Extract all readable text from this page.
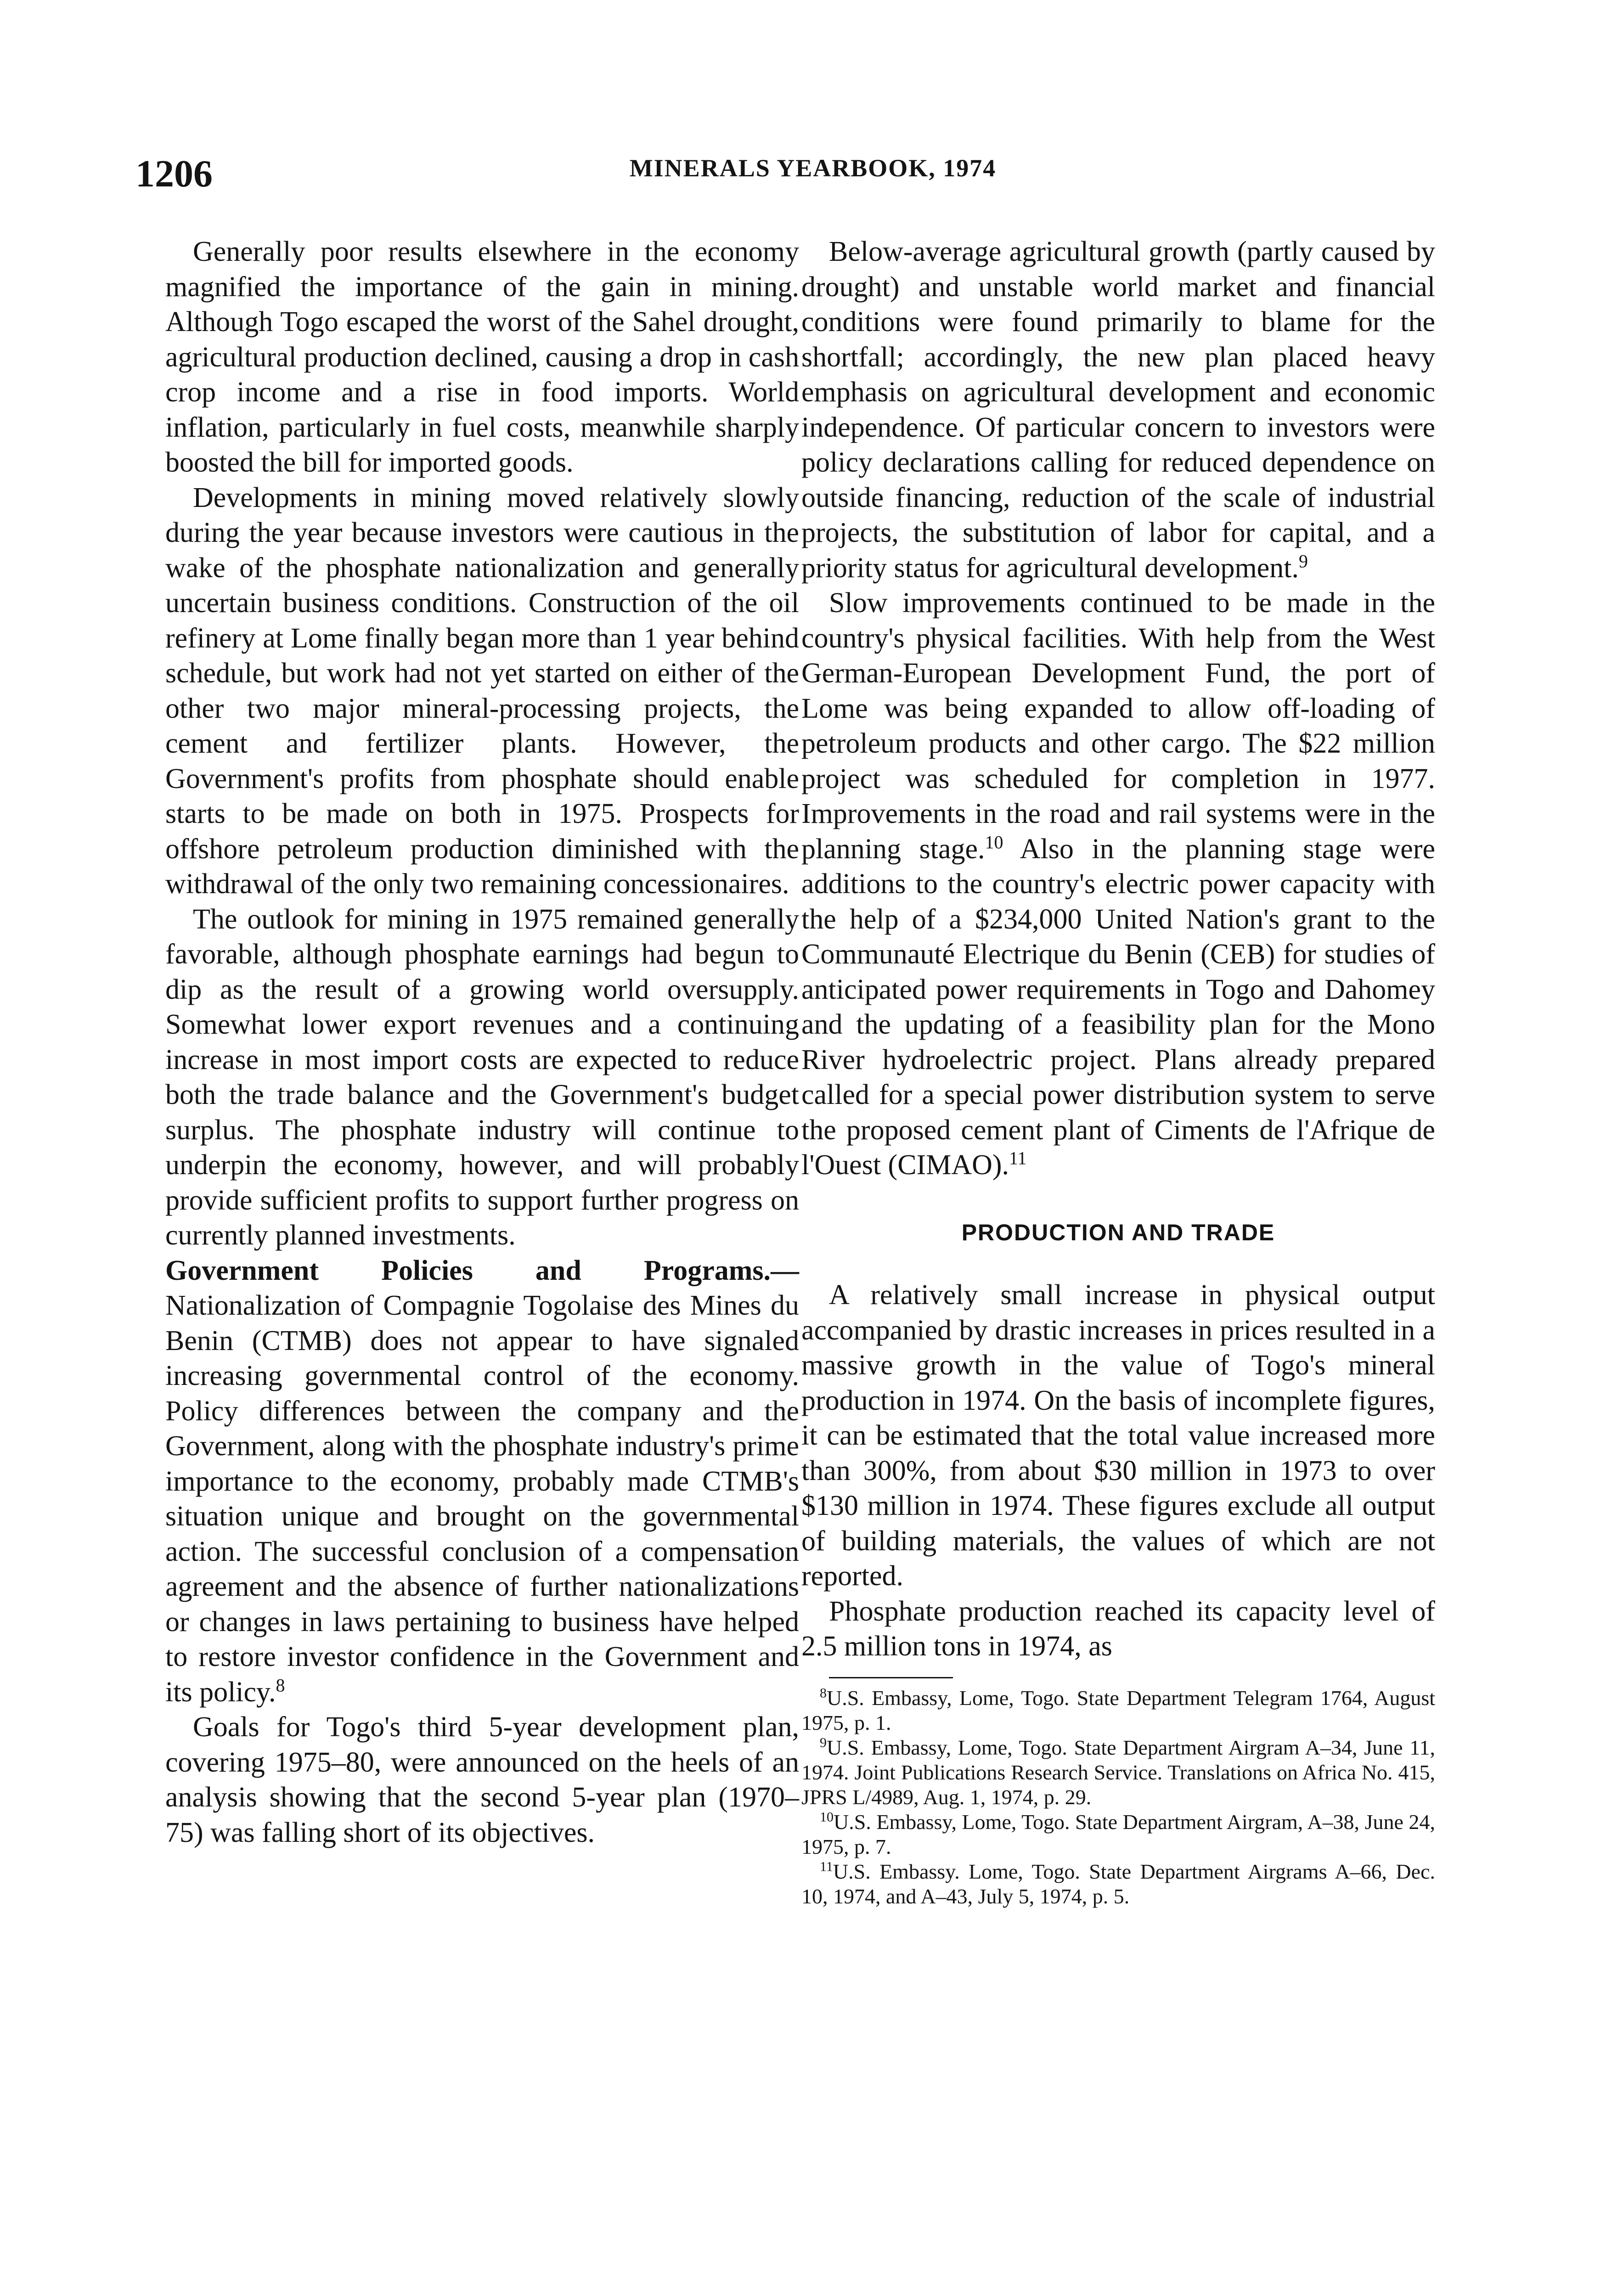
1206	MINERALS YEARBOOK, 1974

Generally poor results elsewhere in the economy magnified the importance of the gain in mining. Although Togo escaped the worst of the Sahel drought, agricultural production declined, causing a drop in cash crop income and a rise in food imports. World inflation, particularly in fuel costs, meanwhile sharply boosted the bill for imported goods.

Developments in mining moved relatively slowly during the year because investors were cautious in the wake of the phosphate nationalization and generally uncertain business conditions. Construction of the oil refinery at Lome finally began more than 1 year behind schedule, but work had not yet started on either of the other two major mineral-processing projects, the cement and fertilizer plants. However, the Government's profits from phosphate should enable starts to be made on both in 1975. Prospects for offshore petroleum production diminished with the withdrawal of the only two remaining concessionaires.

The outlook for mining in 1975 remained generally favorable, although phosphate earnings had begun to dip as the result of a growing world oversupply. Somewhat lower export revenues and a continuing increase in most import costs are expected to reduce both the trade balance and the Government's budget surplus. The phosphate industry will continue to underpin the economy, however, and will probably provide sufficient profits to support further progress on currently planned investments.

Government Policies and Programs.— Nationalization of Compagnie Togolaise des Mines du Benin (CTMB) does not appear to have signaled increasing governmental control of the economy. Policy differences between the company and the Government, along with the phosphate industry's prime importance to the economy, probably made CTMB's situation unique and brought on the governmental action. The successful conclusion of a compensation agreement and the absence of further nationalizations or changes in laws pertaining to business have helped to restore investor confidence in the Government and its policy.$^8$

Goals for Togo's third 5-year development plan, covering 1975–80, were announced on the heels of an analysis showing that the second 5-year plan (1970–75) was falling short of its objectives.

Below-average agricultural growth (partly caused by drought) and unstable world market and financial conditions were found primarily to blame for the shortfall; accordingly, the new plan placed heavy emphasis on agricultural development and economic independence. Of particular concern to investors were policy declarations calling for reduced dependence on outside financing, reduction of the scale of industrial projects, the substitution of labor for capital, and a priority status for agricultural development.$^9$

Slow improvements continued to be made in the country's physical facilities. With help from the West German-European Development Fund, the port of Lome was being expanded to allow off-loading of petroleum products and other cargo. The $22 million project was scheduled for completion in 1977. Improvements in the road and rail systems were in the planning stage.$^{10}$ Also in the planning stage were additions to the country's electric power capacity with the help of a $234,000 United Nation's grant to the Communauté Electrique du Benin (CEB) for studies of anticipated power requirements in Togo and Dahomey and the updating of a feasibility plan for the Mono River hydroelectric project. Plans already prepared called for a special power distribution system to serve the proposed cement plant of Ciments de l'Afrique de l'Ouest (CIMAO).$^{11}$

PRODUCTION AND TRADE

A relatively small increase in physical output accompanied by drastic increases in prices resulted in a massive growth in the value of Togo's mineral production in 1974. On the basis of incomplete figures, it can be estimated that the total value increased more than 300%, from about $30 million in 1973 to over $130 million in 1974. These figures exclude all output of building materials, the values of which are not reported.

Phosphate production reached its capacity level of 2.5 million tons in 1974, as

$^8$U.S. Embassy, Lome, Togo. State Department Telegram 1764, August 1975, p. 1.

$^9$U.S. Embassy, Lome, Togo. State Department Airgram A–34, June 11, 1974. Joint Publications Research Service. Translations on Africa No. 415, JPRS L/4989, Aug. 1, 1974, p. 29.

$^{10}$U.S. Embassy, Lome, Togo. State Department Airgram, A–38, June 24, 1975, p. 7.

$^{11}$U.S. Embassy. Lome, Togo. State Department Airgrams A–66, Dec. 10, 1974, and A–43, July 5, 1974, p. 5.
